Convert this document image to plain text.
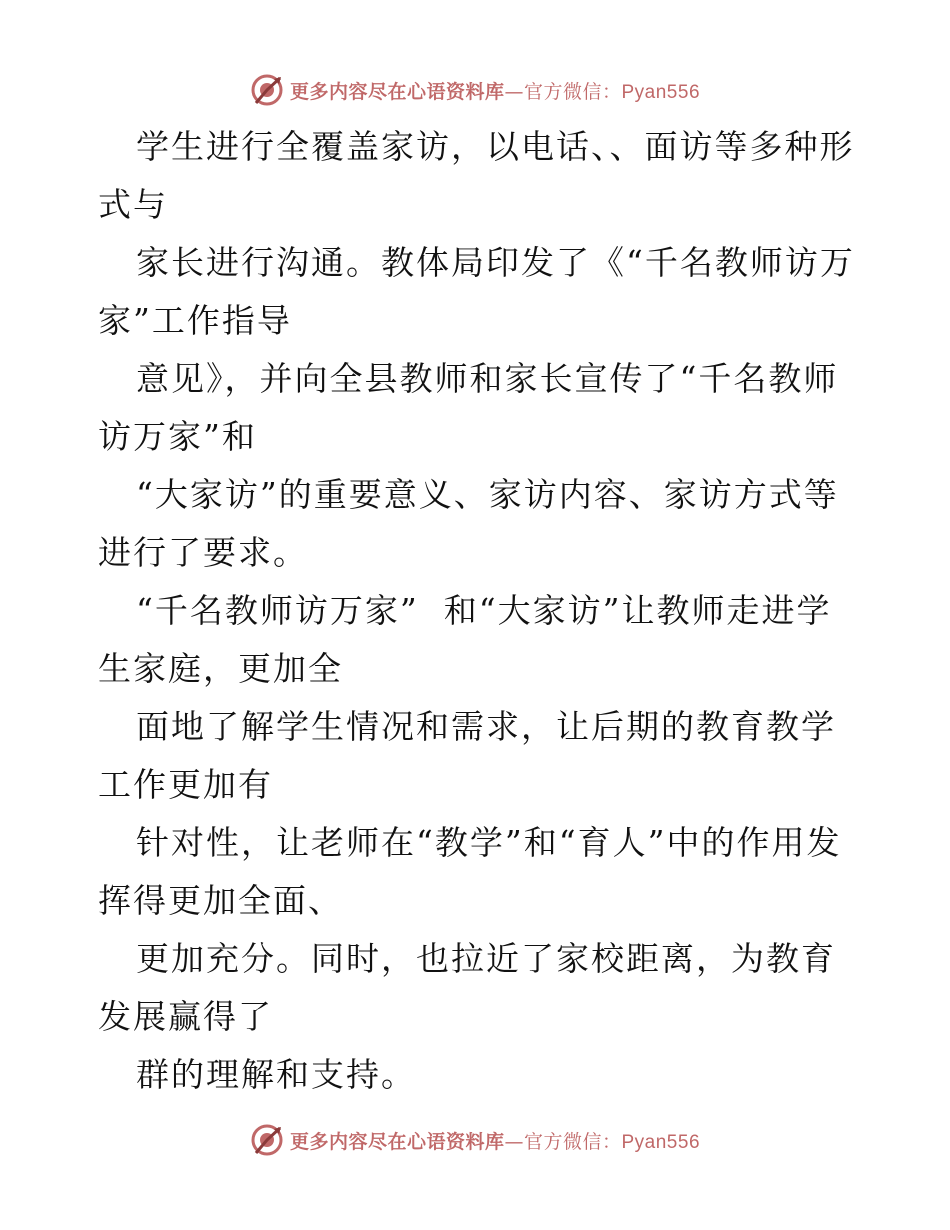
更多内容尽在心语资料库—官方微信：Pyan556

学生进行全覆盖家访，以电话、、面访等多种形式与

家长进行沟通。教体局印发了《“千名教师访万家”工作指导

意见》，并向全县教师和家长宣传了“千名教师访万家”和

“大家访”的重要意义、家访内容、家访方式等进行了要求。

“千名教师访万家”  和“大家访”让教师走进学生家庭，更加全

面地了解学生情况和需求，让后期的教育教学工作更加有

针对性，让老师在“教学”和“育人”中的作用发挥得更加全面、

更加充分。同时，也拉近了家校距离，为教育发展赢得了

群的理解和支持。

更多内容尽在心语资料库—官方微信：Pyan556
